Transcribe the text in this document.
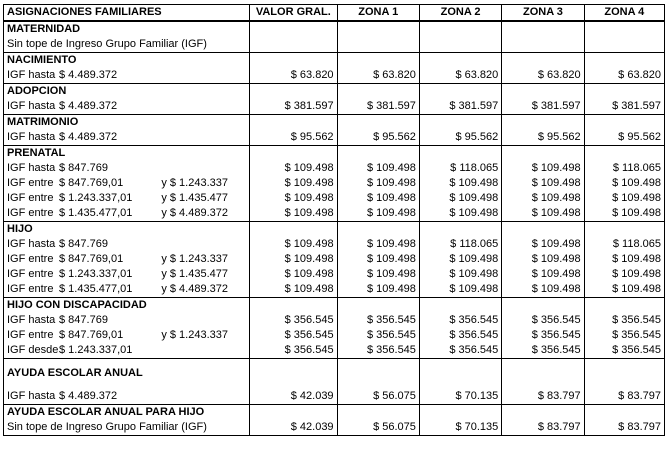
ASIGNACIONES FAMILIARES	VALOR GRAL.	ZONA 1	ZONA 2	ZONA 3	ZONA 4
MATERNIDAD					
Sin tope de Ingreso Grupo Familiar (IGF)					
NACIMIENTO					
IGF hasta $ 4.489.372	$ 63.820	$ 63.820	$ 63.820	$ 63.820	$ 63.820
ADOPCION					
IGF hasta $ 4.489.372	$ 381.597	$ 381.597	$ 381.597	$ 381.597	$ 381.597
MATRIMONIO					
IGF hasta $ 4.489.372	$ 95.562	$ 95.562	$ 95.562	$ 95.562	$ 95.562
PRENATAL					
IGF hasta $ 847.769	$ 109.498	$ 109.498	$ 118.065	$ 109.498	$ 118.065
IGF entre $ 847.769,01 y $ 1.243.337	$ 109.498	$ 109.498	$ 109.498	$ 109.498	$ 109.498
IGF entre $ 1.243.337,01 y $ 1.435.477	$ 109.498	$ 109.498	$ 109.498	$ 109.498	$ 109.498
IGF entre $ 1.435.477,01 y $ 4.489.372	$ 109.498	$ 109.498	$ 109.498	$ 109.498	$ 109.498
HIJO					
IGF hasta $ 847.769	$ 109.498	$ 109.498	$ 118.065	$ 109.498	$ 118.065
IGF entre $ 847.769,01 y $ 1.243.337	$ 109.498	$ 109.498	$ 109.498	$ 109.498	$ 109.498
IGF entre $ 1.243.337,01 y $ 1.435.477	$ 109.498	$ 109.498	$ 109.498	$ 109.498	$ 109.498
IGF entre $ 1.435.477,01 y $ 4.489.372	$ 109.498	$ 109.498	$ 109.498	$ 109.498	$ 109.498
HIJO CON DISCAPACIDAD					
IGF hasta $ 847.769	$ 356.545	$ 356.545	$ 356.545	$ 356.545	$ 356.545
IGF entre $ 847.769,01 y $ 1.243.337	$ 356.545	$ 356.545	$ 356.545	$ 356.545	$ 356.545
IGF desde$ 1.243.337,01	$ 356.545	$ 356.545	$ 356.545	$ 356.545	$ 356.545
AYUDA ESCOLAR ANUAL					
IGF hasta $ 4.489.372	$ 42.039	$ 56.075	$ 70.135	$ 83.797	$ 83.797
AYUDA ESCOLAR ANUAL PARA HIJO					
Sin tope de Ingreso Grupo Familiar (IGF)	$ 42.039	$ 56.075	$ 70.135	$ 83.797	$ 83.797
